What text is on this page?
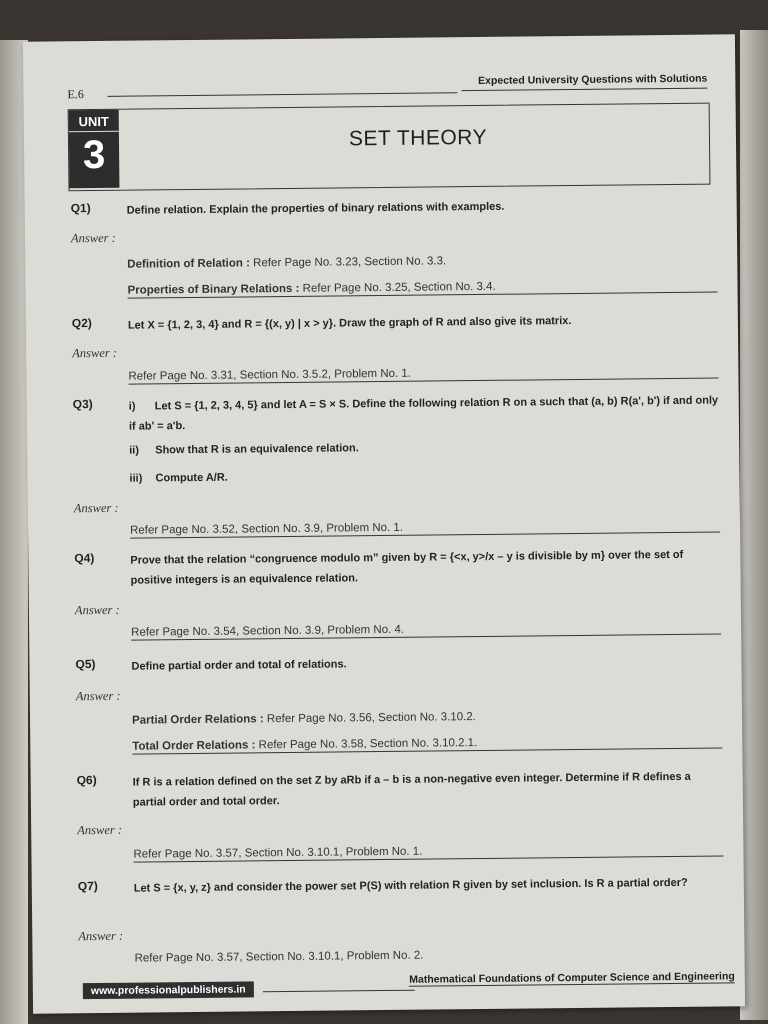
E.6
Expected University Questions with Solutions
UNIT
3	SET THEORY
Q1)	Define relation. Explain the properties of binary relations with examples.
Answer :
Definition of Relation : Refer Page No. 3.23, Section No. 3.3.
Properties of Binary Relations : Refer Page No. 3.25, Section No. 3.4.
Q2)	Let X = {1, 2, 3, 4} and R = {(x, y) | x > y}. Draw the graph of R and also give its matrix.
Answer :
Refer Page No. 3.31, Section No. 3.5.2, Problem No. 1.
Q3)	i) Let S = {1, 2, 3, 4, 5} and let A = S × S. Define the following relation R on a such that (a, b) R(a', b') if and only if ab' = a'b.
ii) Show that R is an equivalence relation.
iii) Compute A/R.
Answer :
Refer Page No. 3.52, Section No. 3.9, Problem No. 1.
Q4)	Prove that the relation “congruence modulo m” given by R = {<x, y>/x – y is divisible by m} over the set of positive integers is an equivalence relation.
Answer :
Refer Page No. 3.54, Section No. 3.9, Problem No. 4.
Q5)	Define partial order and total of relations.
Answer :
Partial Order Relations : Refer Page No. 3.56, Section No. 3.10.2.
Total Order Relations : Refer Page No. 3.58, Section No. 3.10.2.1.
Q6)	If R is a relation defined on the set Z by aRb if a – b is a non-negative even integer. Determine if R defines a partial order and total order.
Answer :
Refer Page No. 3.57, Section No. 3.10.1, Problem No. 1.
Q7)	Let S = {x, y, z} and consider the power set P(S) with relation R given by set inclusion. Is R a partial order?
Answer :
Refer Page No. 3.57, Section No. 3.10.1, Problem No. 2.
www.professionalpublishers.in
Mathematical Foundations of Computer Science and Engineering
